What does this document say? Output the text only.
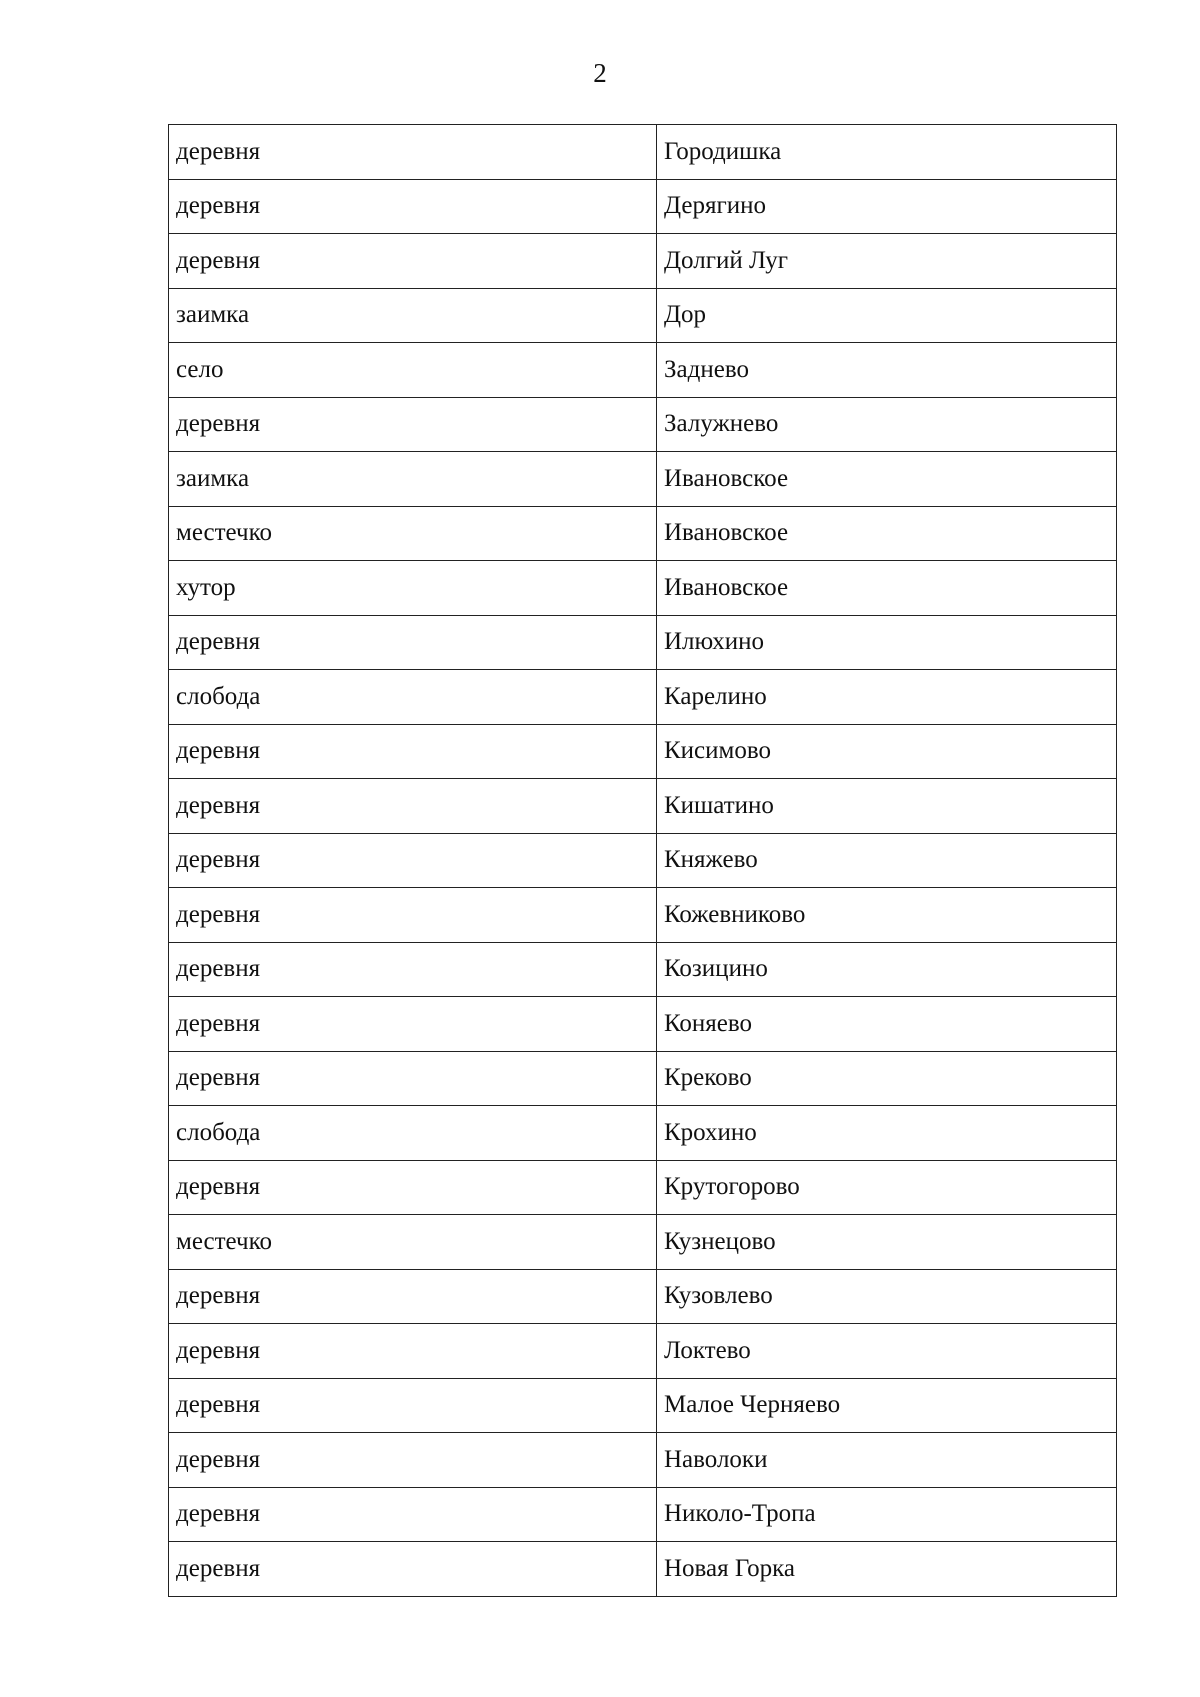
2
деревня	Городишка
деревня	Дерягино
деревня	Долгий Луг
заимка	Дор
село	Заднево
деревня	Залужнево
заимка	Ивановское
местечко	Ивановское
хутор	Ивановское
деревня	Илюхино
слобода	Карелино
деревня	Кисимово
деревня	Кишатино
деревня	Княжево
деревня	Кожевниково
деревня	Козицино
деревня	Коняево
деревня	Креково
слобода	Крохино
деревня	Крутогорово
местечко	Кузнецово
деревня	Кузовлево
деревня	Локтево
деревня	Малое Черняево
деревня	Наволоки
деревня	Николо-Тропа
деревня	Новая Горка
